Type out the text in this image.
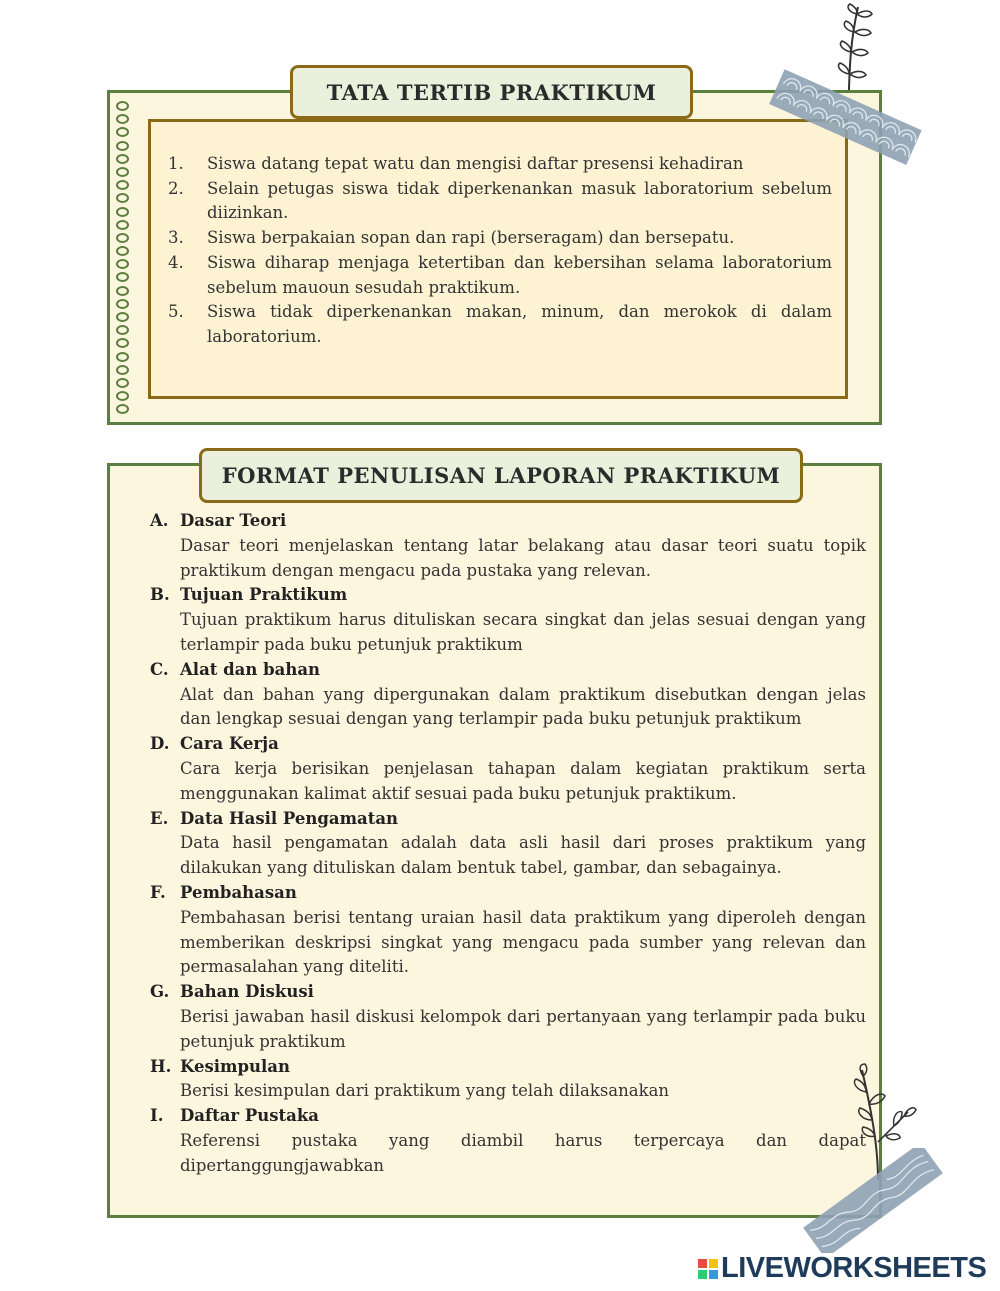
TATA TERTIB PRAKTIKUM
1.	Siswa datang tepat watu dan mengisi daftar presensi kehadiran
2.	Selain petugas siswa tidak diperkenankan masuk laboratorium sebelum diizinkan.
3.	Siswa berpakaian sopan dan rapi (berseragam) dan bersepatu.
4.	Siswa diharap menjaga ketertiban dan kebersihan selama laboratorium sebelum mauoun sesudah praktikum.
5.	Siswa tidak diperkenankan makan, minum, dan merokok di dalam laboratorium.
FORMAT PENULISAN LAPORAN PRAKTIKUM
A. Dasar Teori
Dasar teori menjelaskan tentang latar belakang atau dasar teori suatu topik praktikum dengan mengacu pada pustaka yang relevan.
B. Tujuan Praktikum
Tujuan praktikum harus dituliskan secara singkat dan jelas sesuai dengan yang terlampir pada buku petunjuk praktikum
C. Alat dan bahan
Alat dan bahan yang dipergunakan dalam praktikum disebutkan dengan jelas dan lengkap sesuai dengan yang terlampir pada buku petunjuk praktikum
D. Cara Kerja
Cara kerja berisikan penjelasan tahapan dalam kegiatan praktikum serta menggunakan kalimat aktif sesuai pada buku petunjuk praktikum.
E. Data Hasil Pengamatan
Data hasil pengamatan adalah data asli hasil dari proses praktikum yang dilakukan yang dituliskan dalam bentuk tabel, gambar, dan sebagainya.
F. Pembahasan
Pembahasan berisi tentang uraian hasil data praktikum yang diperoleh dengan memberikan deskripsi singkat yang mengacu pada sumber yang relevan dan permasalahan yang diteliti.
G. Bahan Diskusi
Berisi jawaban hasil diskusi kelompok dari pertanyaan yang terlampir pada buku petunjuk praktikum
H. Kesimpulan
Berisi kesimpulan dari praktikum yang telah dilaksanakan
I.	Daftar Pustaka
Referensi pustaka yang diambil harus terpercaya dan dapat
dipertanggungjawabkan
LIVEWORKSHEETS
